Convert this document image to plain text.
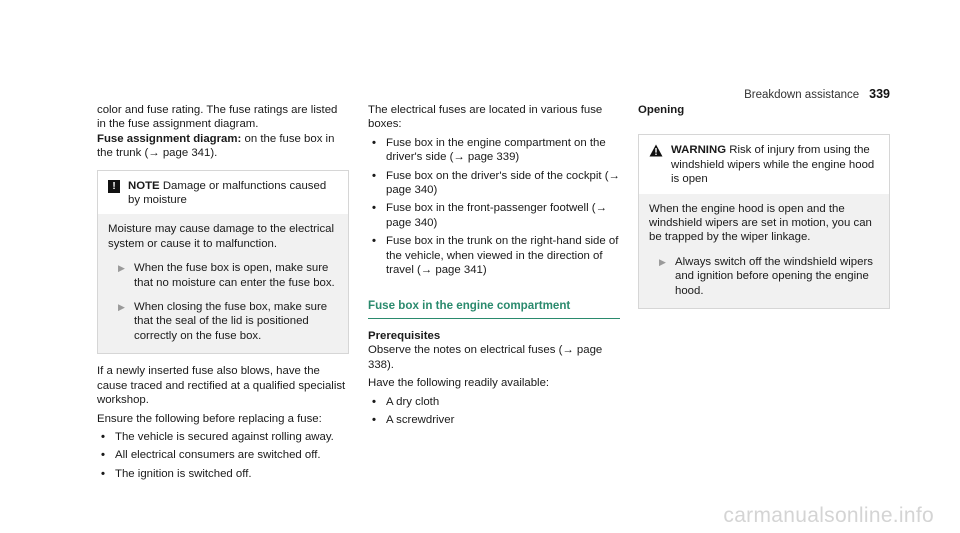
Breakdown assistance 339

color and fuse rating. The fuse ratings are listed in the fuse assignment diagram.

Fuse assignment diagram: on the fuse box in the trunk (→ page 341).

!	NOTE Damage or malfunctions caused by moisture

Moisture may cause damage to the electrical system or cause it to malfunction.

▶ When the fuse box is open, make sure that no moisture can enter the fuse box.
▶ When closing the fuse box, make sure that the seal of the lid is positioned correctly on the fuse box.

If a newly inserted fuse also blows, have the cause traced and rectified at a qualified specialist workshop.

Ensure the following before replacing a fuse:

• The vehicle is secured against rolling away.
• All electrical consumers are switched off.
• The ignition is switched off.

The electrical fuses are located in various fuse boxes:

• Fuse box in the engine compartment on the driver's side (→ page 339)
• Fuse box on the driver's side of the cockpit (→ page 340)
• Fuse box in the front-passenger footwell (→ page 340)
• Fuse box in the trunk on the right-hand side of the vehicle, when viewed in the direction of travel (→ page 341)
Fuse box in the engine compartment

Prerequisites

Observe the notes on electrical fuses (→ page 338).

Have the following readily available:

• A dry cloth
• A screwdriver

Opening

WARNING Risk of injury from using the windshield wipers while the engine hood is open

When the engine hood is open and the windshield wipers are set in motion, you can be trapped by the wiper linkage.

▶ Always switch off the windshield wipers and ignition before opening the engine hood.
carmanualsonline.info
